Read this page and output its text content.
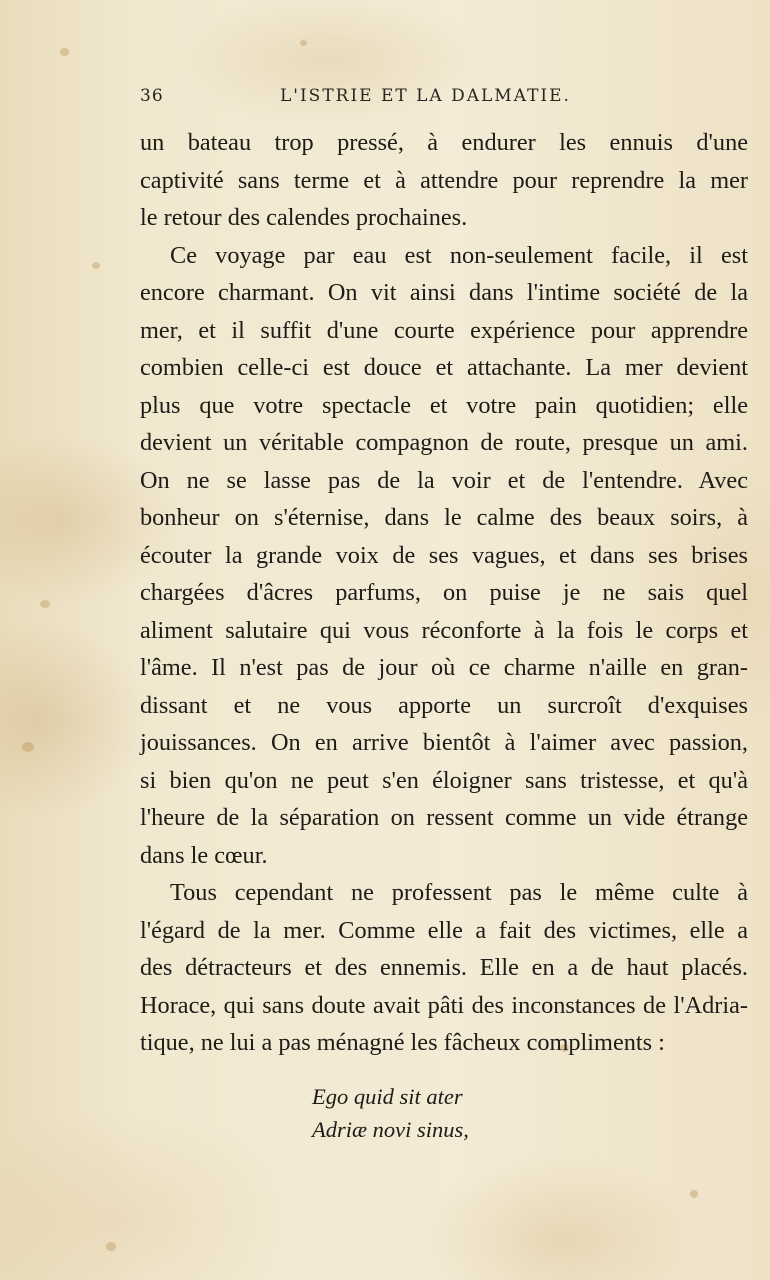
36	L'ISTRIE ET LA DALMATIE.
un bateau trop pressé, à endurer les ennuis d'une
captivité sans terme et à attendre pour reprendre la mer
le retour des calendes prochaines.
Ce voyage par eau est non-seulement facile, il est
encore charmant. On vit ainsi dans l'intime société de la
mer, et il suffit d'une courte expérience pour apprendre
combien celle-ci est douce et attachante. La mer devient
plus que votre spectacle et votre pain quotidien; elle
devient un véritable compagnon de route, presque un ami.
On ne se lasse pas de la voir et de l'entendre. Avec
bonheur on s'éternise, dans le calme des beaux soirs, à
écouter la grande voix de ses vagues, et dans ses brises
chargées d'âcres parfums, on puise je ne sais quel
aliment salutaire qui vous réconforte à la fois le corps et
l'âme. Il n'est pas de jour où ce charme n'aille en gran-
dissant et ne vous apporte un surcroît d'exquises
jouissances. On en arrive bientôt à l'aimer avec passion,
si bien qu'on ne peut s'en éloigner sans tristesse, et qu'à
l'heure de la séparation on ressent comme un vide étrange
dans le cœur.
Tous cependant ne professent pas le même culte à
l'égard de la mer. Comme elle a fait des victimes, elle a
des détracteurs et des ennemis. Elle en a de haut placés.
Horace, qui sans doute avait pâti des inconstances de l'Adria-
tique, ne lui a pas ménagné les fâcheux compliments :
Ego quid sit ater
Adriæ novi sinus,
